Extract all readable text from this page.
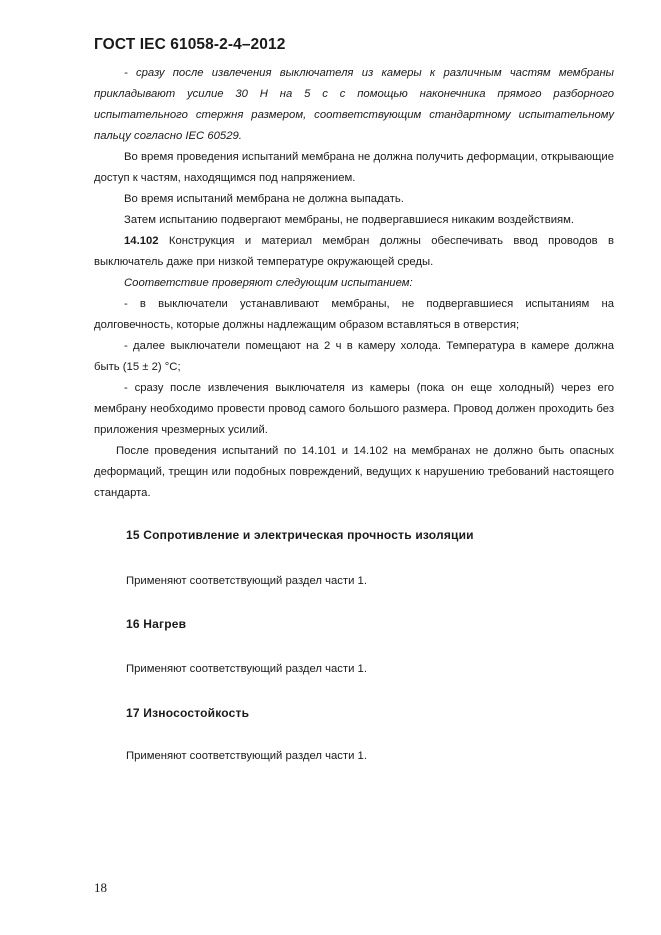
ГОСТ IEC 61058-2-4–2012

- сразу после извлечения выключателя из камеры к различным частям мембраны прикладывают усилие 30 Н на 5 с с помощью наконечника прямого разборного испытательного стержня размером, соответствующим стандартному испытательному пальцу согласно IEC 60529.

Во время проведения испытаний мембрана не должна получить деформации, открывающие доступ к частям, находящимся под напряжением.

Во время испытаний мембрана не должна выпадать.

Затем испытанию подвергают мембраны, не подвергавшиеся никаким воздействиям.

14.102 Конструкция и материал мембран должны обеспечивать ввод проводов в выключатель даже при низкой температуре окружающей среды.

Соответствие проверяют следующим испытанием:

- в выключатели устанавливают мембраны, не подвергавшиеся испытаниям на долговечность, которые должны надлежащим образом вставляться в отверстия;

- далее выключатели помещают на 2 ч в камеру холода. Температура в камере должна быть (15 ± 2) °С;

- сразу после извлечения выключателя из камеры (пока он еще холодный) через его мембрану необходимо провести провод самого большого размера. Провод должен проходить без приложения чрезмерных усилий.

После проведения испытаний по 14.101 и 14.102 на мембранах не должно быть опасных деформаций, трещин или подобных повреждений, ведущих к нарушению требований настоящего стандарта.

15 Сопротивление и электрическая прочность изоляции
Применяют соответствующий раздел части 1.
16 Нагрев
Применяют соответствующий раздел части 1.
17 Износостойкость
Применяют соответствующий раздел части 1.
18
